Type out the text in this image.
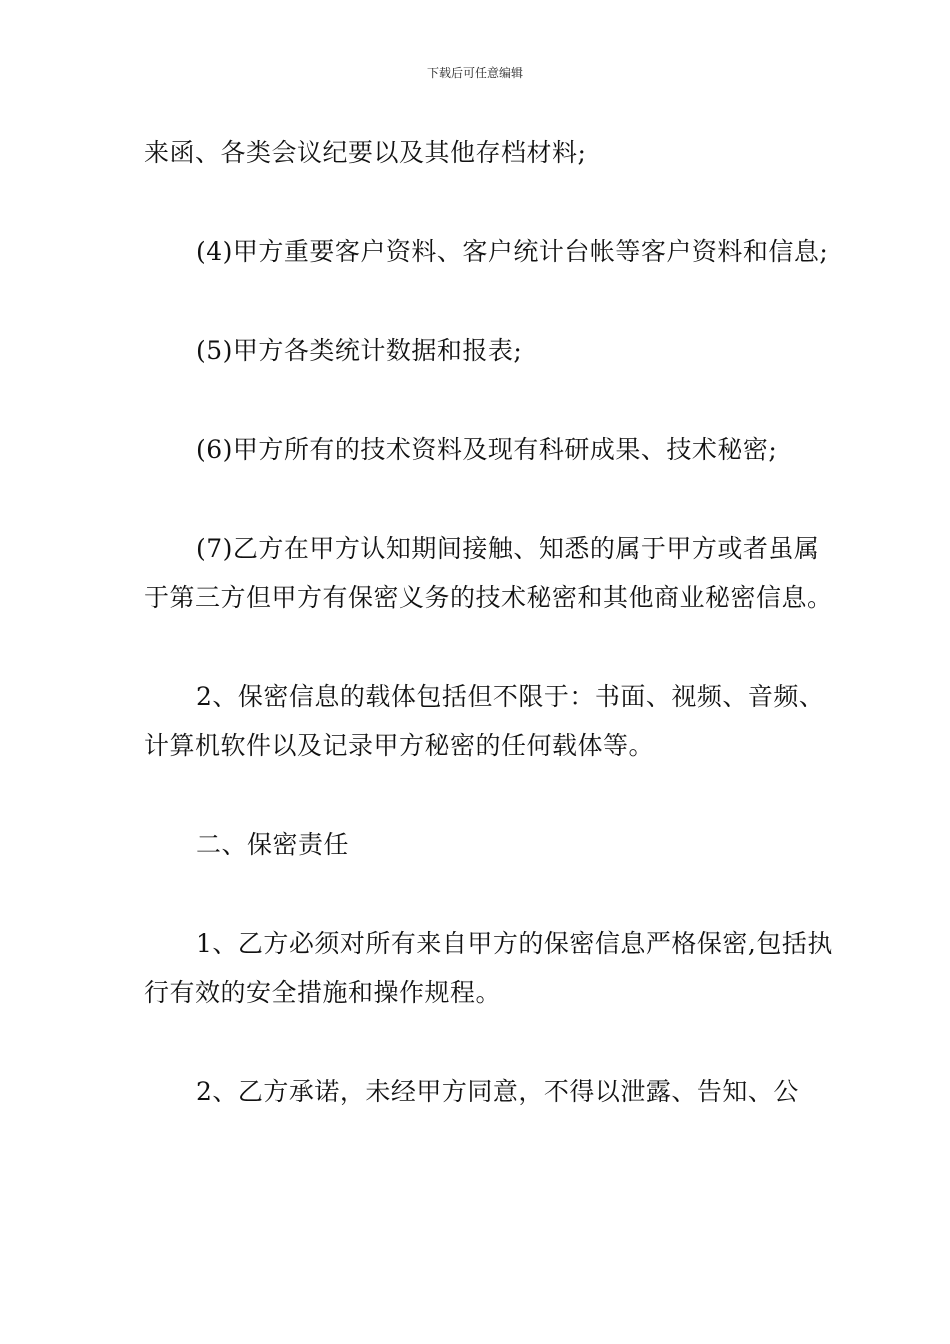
下载后可任意编辑

来函、各类会议纪要以及其他存档材料;

(4)甲方重要客户资料、客户统计台帐等客户资料和信息;

(5)甲方各类统计数据和报表;

(6)甲方所有的技术资料及现有科研成果、技术秘密;

(7)乙方在甲方认知期间接触、知悉的属于甲方或者虽属于第三方但甲方有保密义务的技术秘密和其他商业秘密信息。

2、保密信息的载体包括但不限于：书面、视频、音频、计算机软件以及记录甲方秘密的任何载体等。

二、保密责任

1、乙方必须对所有来自甲方的保密信息严格保密,包括执行有效的安全措施和操作规程。

2、乙方承诺，未经甲方同意，不得以泄露、告知、公
